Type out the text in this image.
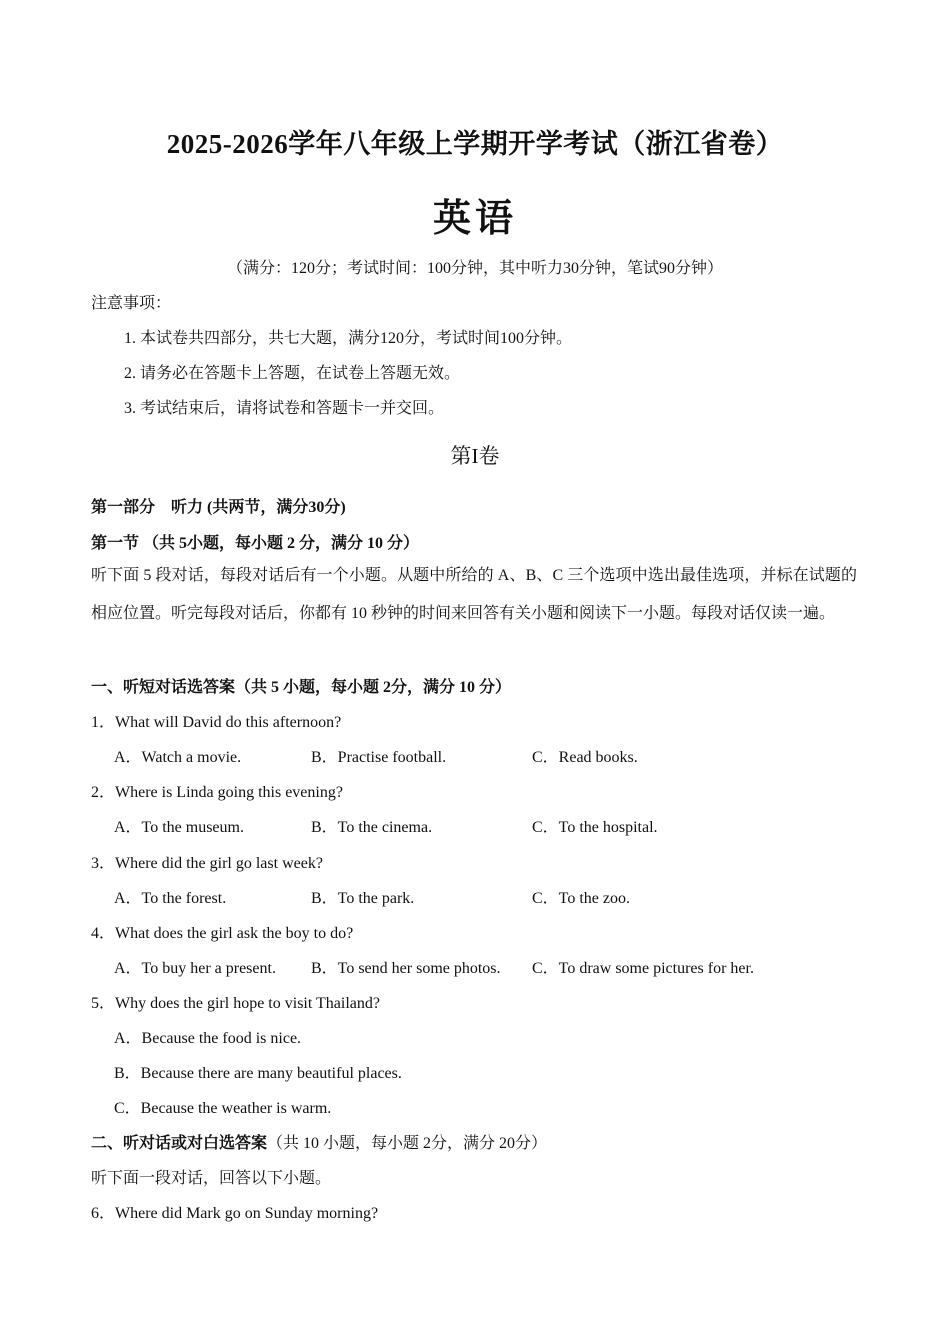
2025-2026学年八年级上学期开学考试（浙江省卷）
英语
（满分：120分；考试时间：100分钟，其中听力30分钟，笔试90分钟）
注意事项：
1. 本试卷共四部分，共七大题，满分120分，考试时间100分钟。
2. 请务必在答题卡上答题，在试卷上答题无效。
3. 考试结束后，请将试卷和答题卡一并交回。
第I卷
第一部分　听力 (共两节，满分30分)
第一节 （共 5小题，每小题 2 分，满分 10 分）
听下面 5 段对话，每段对话后有一个小题。从题中所给的 A、B、C 三个选项中选出最佳选项，并标在试题的相应位置。听完每段对话后，你都有 10 秒钟的时间来回答有关小题和阅读下一小题。每段对话仅读一遍。
一、听短对话选答案（共 5 小题，每小题 2分，满分 10 分）
1．What will David do this afternoon?
A．Watch a movie.	B．Practise football.	C．Read books.
2．Where is Linda going this evening?
A．To the museum.	B．To the cinema.	C．To the hospital.
3．Where did the girl go last week?
A．To the forest.	B．To the park.	C．To the zoo.
4．What does the girl ask the boy to do?
A．To buy her a present. B．To send her some photos. C．To draw some pictures for her.
5．Why does the girl hope to visit Thailand?
A．Because the food is nice.
B．Because there are many beautiful places.
C．Because the weather is warm.
二、听对话或对白选答案（共 10 小题，每小题 2分，满分 20分）
听下面一段对话，回答以下小题。
6．Where did Mark go on Sunday morning?
